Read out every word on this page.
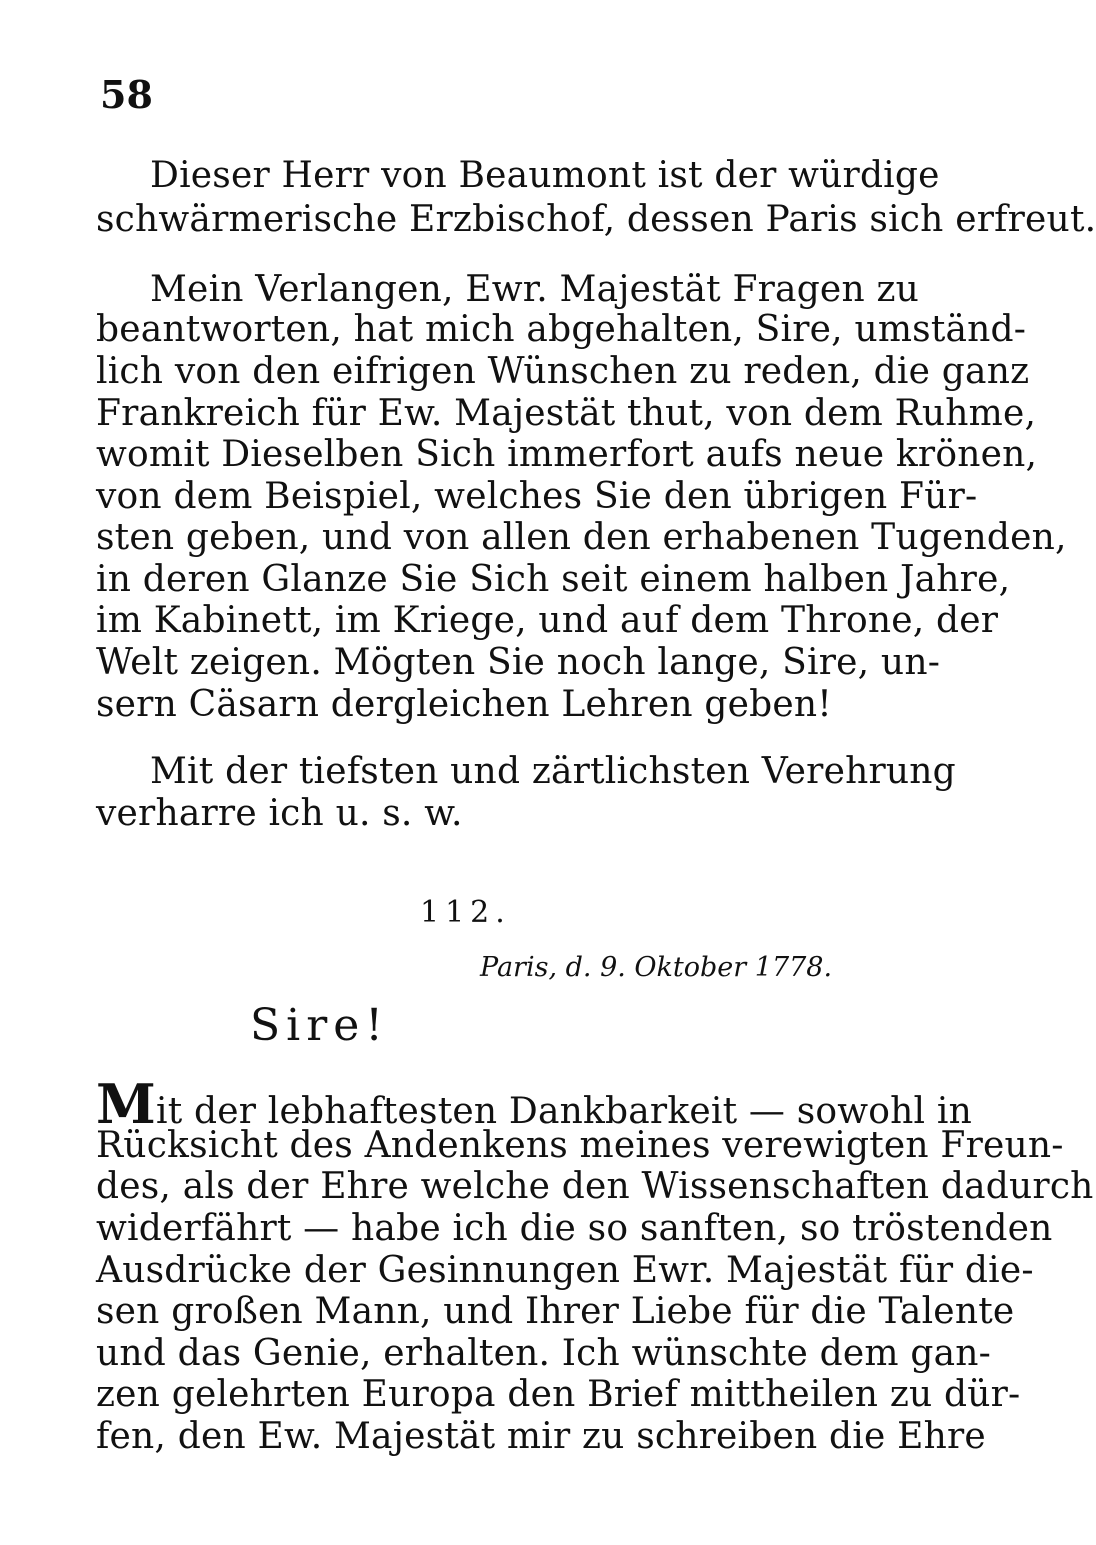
58
Dieser Herr von Beaumont ist der würdige
schwärmerische Erzbischof, dessen Paris sich erfreut.
Mein Verlangen, Ewr. Majestät Fragen zu
beantworten, hat mich abgehalten, Sire, umständ-
lich von den eifrigen Wünschen zu reden, die ganz
Frankreich für Ew. Majestät thut, von dem Ruhme,
womit Dieselben Sich immerfort aufs neue krönen,
von dem Beispiel, welches Sie den übrigen Für-
sten geben, und von allen den erhabenen Tugenden,
in deren Glanze Sie Sich seit einem halben Jahre,
im Kabinett, im Kriege, und auf dem Throne, der
Welt zeigen. Mögten Sie noch lange, Sire, un-
sern Cäsarn dergleichen Lehren geben!
Mit der tiefsten und zärtlichsten Verehrung
verharre ich u. s. w.
112.
Paris, d. 9. Oktober 1778.
Sire!
Mit der lebhaftesten Dankbarkeit — sowohl in
Rücksicht des Andenkens meines verewigten Freun-
des, als der Ehre welche den Wissenschaften dadurch
widerfährt — habe ich die so sanften, so tröstenden
Ausdrücke der Gesinnungen Ewr. Majestät für die-
sen großen Mann, und Ihrer Liebe für die Talente
und das Genie, erhalten. Ich wünschte dem gan-
zen gelehrten Europa den Brief mittheilen zu dür-
fen, den Ew. Majestät mir zu schreiben die Ehre
